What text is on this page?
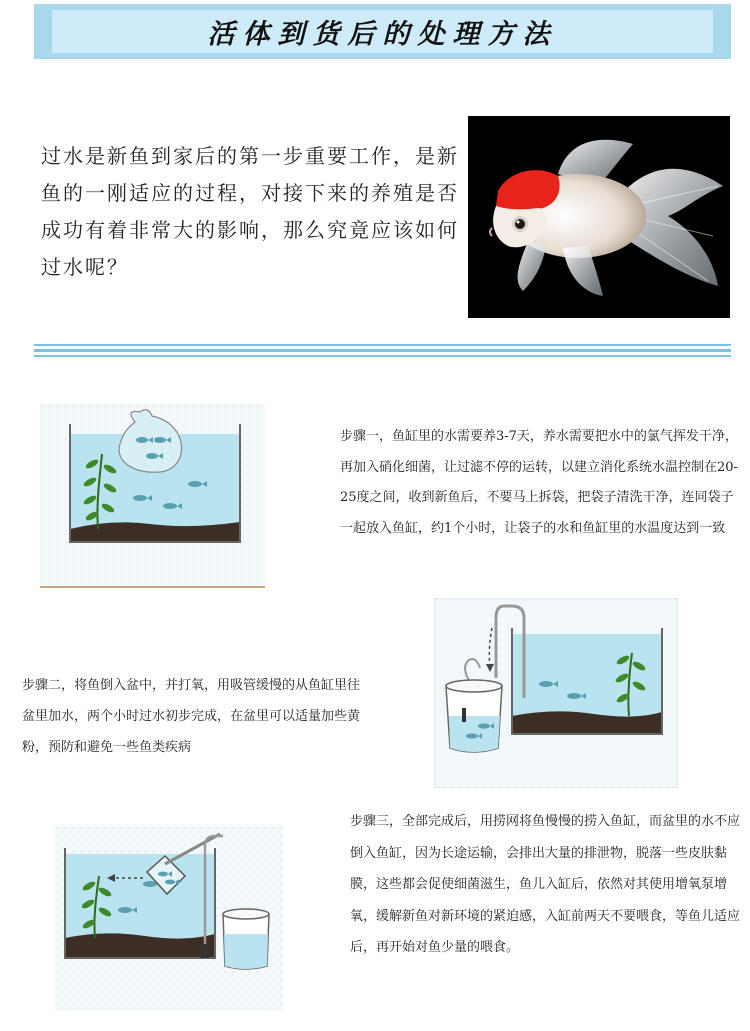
活体到货后的处理方法
过水是新鱼到家后的第一步重要工作，是新鱼的一刚适应的过程，对接下来的养殖是否成功有着非常大的影响，那么究竟应该如何过水呢？
步骤一，鱼缸里的水需要养3-7天，养水需要把水中的氯气挥发干净，再加入硝化细菌，让过滤不停的运转，以建立消化系统水温控制在20-25度之间，收到新鱼后，不要马上拆袋，把袋子清洗干净，连同袋子一起放入鱼缸，约1个小时，让袋子的水和鱼缸里的水温度达到一致
步骤二，将鱼倒入盆中，并打氧，用吸管缓慢的从鱼缸里往盆里加水，两个小时过水初步完成，在盆里可以适量加些黄粉，预防和避免一些鱼类疾病
步骤三，全部完成后，用捞网将鱼慢慢的捞入鱼缸，而盆里的水不应倒入鱼缸，因为长途运输，会排出大量的排泄物，脱落一些皮肤黏膜，这些都会促使细菌滋生，鱼儿入缸后，依然对其使用增氧泵增氧，缓解新鱼对新环境的紧迫感，入缸前两天不要喂食，等鱼儿适应后，再开始对鱼少量的喂食。
